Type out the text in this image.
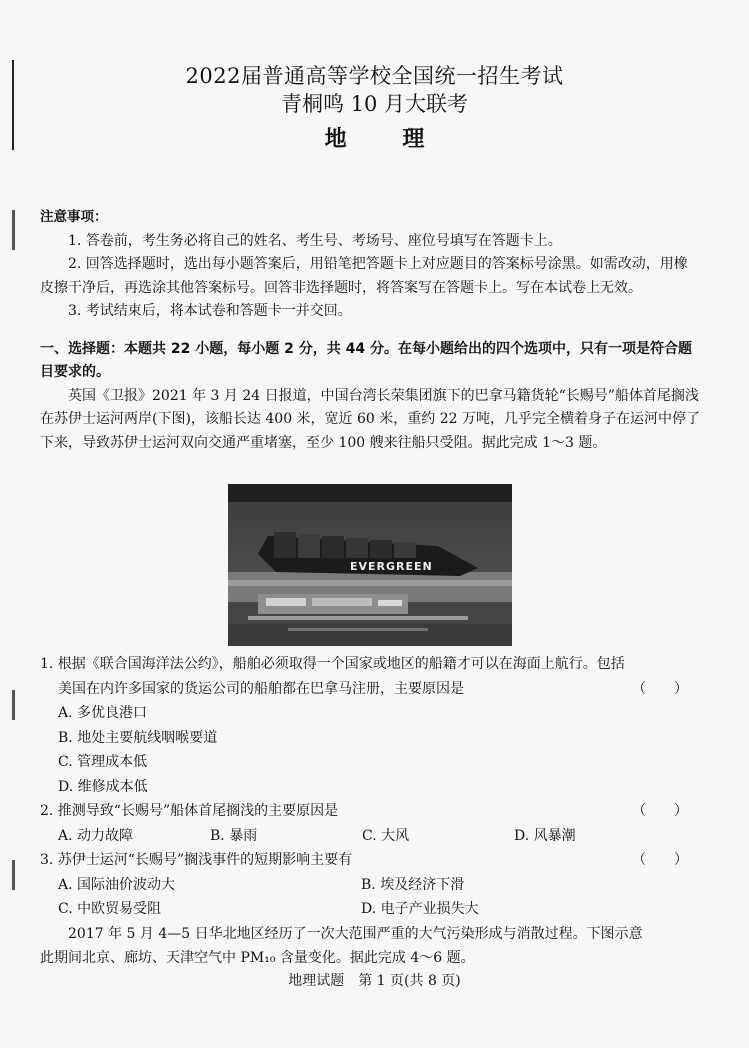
2022届普通高等学校全国统一招生考试
青桐鸣 10 月大联考
地 理
注意事项：

1. 答卷前，考生务必将自己的姓名、考生号、考场号、座位号填写在答题卡上。

2. 回答选择题时，选出每小题答案后，用铅笔把答题卡上对应题目的答案标号涂黑。如需改动，用橡皮擦干净后，再选涂其他答案标号。回答非选择题时，将答案写在答题卡上。写在本试卷上无效。

3. 考试结束后，将本试卷和答题卡一并交回。

一、选择题：本题共 22 小题，每小题 2 分，共 44 分。在每小题给出的四个选项中，只有一项是符合题目要求的。

英国《卫报》2021 年 3 月 24 日报道，中国台湾长荣集团旗下的巴拿马籍货轮“长赐号”船体首尾搁浅在苏伊士运河两岸(下图)，该船长达 400 米，宽近 60 米，重约 22 万吨，几乎完全横着身子在运河中停了下来，导致苏伊士运河双向交通严重堵塞，至少 100 艘来往船只受阻。据此完成 1～3 题。

EVERGREEN
1. 根据《联合国海洋法公约》，船舶必须取得一个国家或地区的船籍才可以在海面上航行。包括
美国在内许多国家的货运公司的船舶都在巴拿马注册，主要原因是	（　　）
A. 多优良港口
B. 地处主要航线咽喉要道
C. 管理成本低
D. 维修成本低
2. 推测导致“长赐号”船体首尾搁浅的主要原因是	（　　）
A. 动力故障	B. 暴雨	C. 大风	D. 风暴潮
3. 苏伊士运河“长赐号”搁浅事件的短期影响主要有	（　　）
A. 国际油价波动大	B. 埃及经济下滑
C. 中欧贸易受阻	D. 电子产业损失大
2017 年 5 月 4—5 日华北地区经历了一次大范围严重的大气污染形成与消散过程。下图示意
此期间北京、廊坊、天津空气中 PM₁₀ 含量变化。据此完成 4～6 题。
地理试题　第 1 页(共 8 页)
